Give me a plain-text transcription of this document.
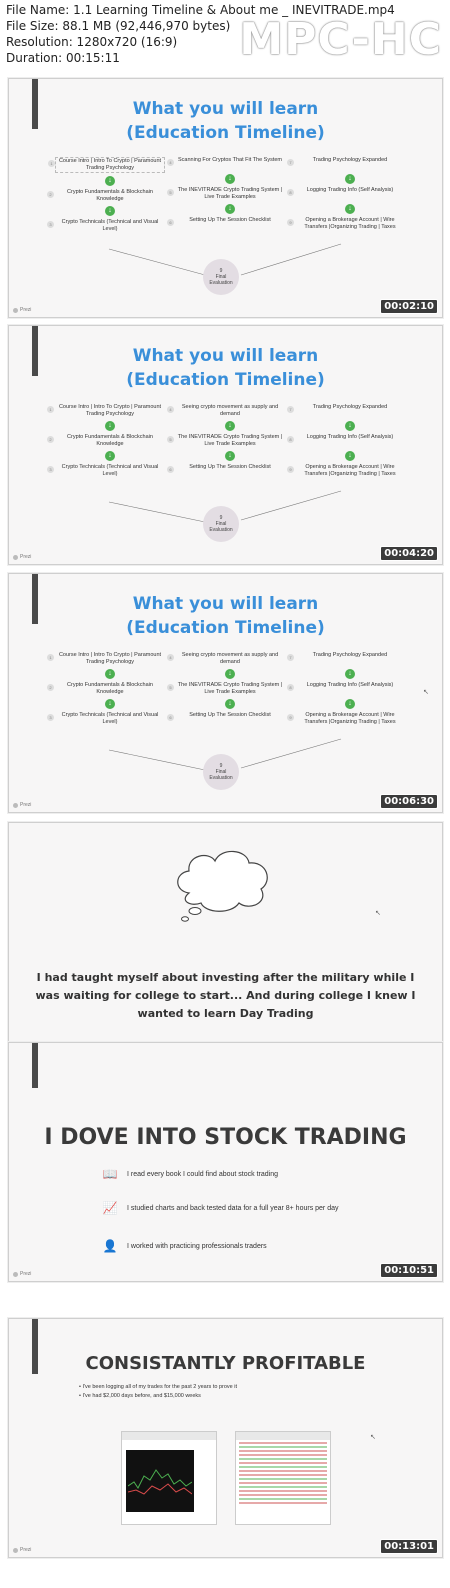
File Name: 1.1 Learning Timeline & About me _ INEVITRADE.mp4
File Size: 88.1 MB (92,446,970 bytes)
Resolution: 1280x720 (16:9)
Duration: 00:15:11	MPC-HC
What you will learn
(Education Timeline)
1	Course Intro | Intro To Crypto | Paramount Trading Psychology
↓
2	Crypto Fundamentals & Blockchain Knowledge
↓
3	Crypto Technicals (Technical and Visual Level)
4	Scanning For Cryptos That Fit The System
↓
5	The INEVITRADE Crypto Trading System | Live Trade Examples
↓
6	Setting Up The Session Checklist
7	Trading Psychology Expanded
↓
8	Logging Trading Info (Self Analysis)
↓
9	Opening a Brokerage Account | Wire Transfers |Organizing Trading | Taxes
9
Final
Evaluation
Prezi	00:02:10
What you will learn
(Education Timeline)
1	Course Intro | Intro To Crypto | Paramount Trading Psychology
↓
2	Crypto Fundamentals & Blockchain Knowledge
↓
3	Crypto Technicals (Technical and Visual Level)
4	Seeing crypto movement as supply and demand
↓
5	The INEVITRADE Crypto Trading System | Live Trade Examples
↓
6	Setting Up The Session Checklist
7	Trading Psychology Expanded
↓
8	Logging Trading Info (Self Analysis)
↓
9	Opening a Brokerage Account | Wire Transfers |Organizing Trading | Taxes
9
Final
Evaluation
Prezi	00:04:20
What you will learn
(Education Timeline)
1	Course Intro | Intro To Crypto | Paramount Trading Psychology
↓
2	Crypto Fundamentals & Blockchain Knowledge
↓
3	Crypto Technicals (Technical and Visual Level)
4	Seeing crypto movement as supply and demand
↓
5	The INEVITRADE Crypto Trading System | Live Trade Examples
↓
6	Setting Up The Session Checklist
7	Trading Psychology Expanded
↓
8	Logging Trading Info (Self Analysis)
↓
9	Opening a Brokerage Account | Wire Transfers |Organizing Trading | Taxes
9
Final
Evaluation
↖
Prezi	00:06:30
↖
I had taught myself about investing after the military while I was waiting for college to start... And during college I knew I wanted to learn Day Trading
I DOVE INTO STOCK TRADING
📖 I read every book I could find about stock trading
📈 I studied charts and back tested data for a full year 8+ hours per day
👤 I worked with practicing professionals traders
Prezi	00:10:51
CONSISTANTLY PROFITABLE
• I've been logging all of my trades for the past 2 years to prove it
• I've had $2,000 days before, and $15,000 weeks
↖
Prezi	00:13:01
